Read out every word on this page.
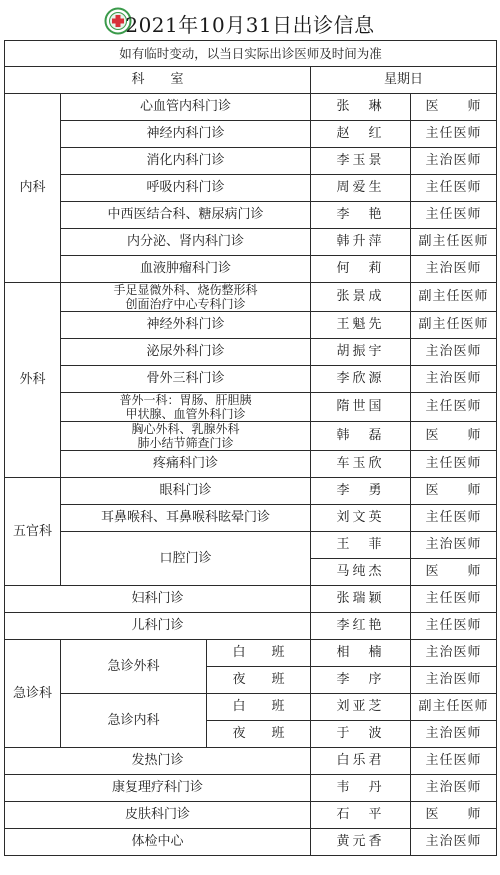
2021年10月31日出诊信息
如有临时变动，以当日实际出诊医师及时间为准				
科　　室			星期日	
内科	心血管内科门诊		张　琳	医　　师
	神经内科门诊		赵　红	主任医师
	消化内科门诊		李玉景	主治医师
	呼吸内科门诊		周爱生	主任医师
	中西医结合科、糖尿病门诊		李　艳	主任医师
	内分泌、肾内科门诊		韩升萍	副主任医师
	血液肿瘤科门诊		何　莉	主治医师
外科	手足显微外科、烧伤整形科
创面治疗中心专科门诊		张景成	副主任医师
	神经外科门诊		王魁先	副主任医师
	泌尿外科门诊		胡振宇	主治医师
	骨外三科门诊		李欣源	主治医师

	普外一科：胃肠、肝胆胰
甲状腺、血管外科门诊		隋世国	主任医师

	胸心外科、乳腺外科
肺小结节筛查门诊		韩　磊	医　　师
	疼痛科门诊		车玉欣	主任医师
五官科	眼科门诊		李　勇	医　　师
	耳鼻喉科、耳鼻喉科眩晕门诊		刘文英	主任医师
	口腔门诊		王　菲	主治医师
			马纯杰	医　　师
妇科门诊			张瑞颖	主任医师
儿科门诊			李红艳	主任医师
急诊科	急诊外科	白　　班	相　楠	主治医师
		夜　　班	李　序	主治医师
	急诊内科	白　　班	刘亚芝	副主任医师
		夜　　班	于　波	主治医师
发热门诊			白乐君	主任医师
康复理疗科门诊			韦　丹	主治医师
皮肤科门诊			石　平	医　　师
体检中心			黄元香	主治医师
